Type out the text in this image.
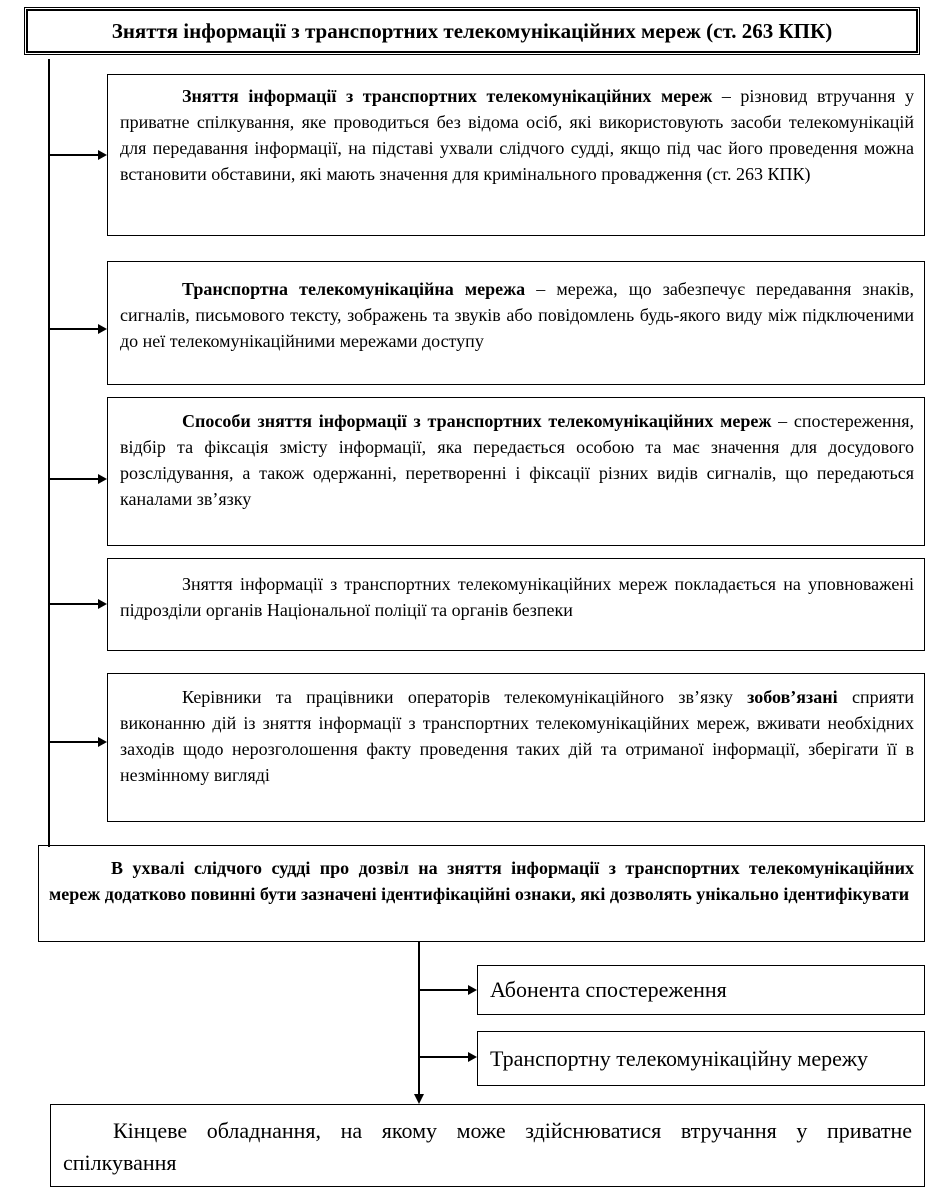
Зняття інформації з транспортних телекомунікаційних мереж (ст. 263 КПК)

Зняття інформації з транспортних телекомунікаційних мереж – різновид втручання у приватне спілкування, яке проводиться без відома осіб, які використовують засоби телекомунікацій для передавання інформації, на підставі ухвали слідчого судді, якщо під час його проведення можна встановити обставини, які мають значення для кримінального провадження (ст. 263 КПК)

Транспортна телекомунікаційна мережа – мережа, що забезпечує передавання знаків, сигналів, письмового тексту, зображень та звуків або повідомлень будь-якого виду між підключеними до неї телекомунікаційними мережами доступу

Способи зняття інформації з транспортних телекомунікаційних мереж – спостереження, відбір та фіксація змісту інформації, яка передається особою та має значення для досудового розслідування, а також одержанні, перетворенні і фіксації різних видів сигналів, що передаються каналами зв’язку

Зняття інформації з транспортних телекомунікаційних мереж покладається на уповноважені підрозділи органів Національної поліції та органів безпеки

Керівники та працівники операторів телекомунікаційного зв’язку зобов’язані сприяти виконанню дій із зняття інформації з транспортних телекомунікаційних мереж, вживати необхідних заходів щодо нерозголошення факту проведення таких дій та отриманої інформації, зберігати її в незмінному вигляді

В ухвалі слідчого судді про дозвіл на зняття інформації з транспортних телекомунікаційних мереж додатково повинні бути зазначені ідентифікаційні ознаки, які дозволять унікально ідентифікувати

Абонента спостереження
Транспортну телекомунікаційну мережу

Кінцеве обладнання, на якому може здійснюватися втручання у приватне спілкування
